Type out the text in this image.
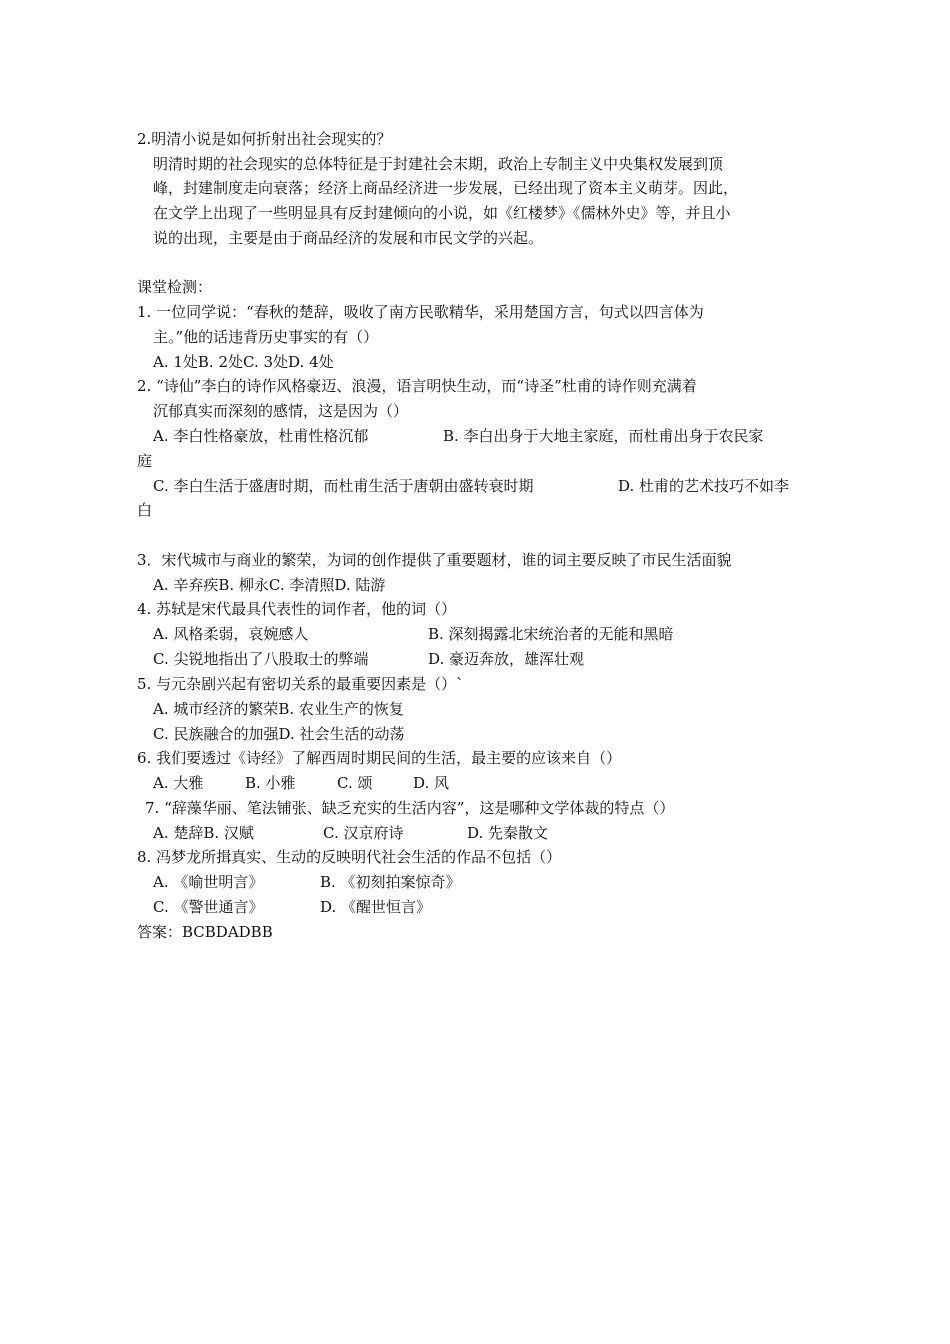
2.明清小说是如何折射出社会现实的？
明清时期的社会现实的总体特征是于封建社会末期，政治上专制主义中央集权发展到顶
峰，封建制度走向衰落；经济上商品经济进一步发展，已经出现了资本主义萌芽。因此，
在文学上出现了一些明显具有反封建倾向的小说，如《红楼梦》《儒林外史》等，并且小
说的出现，主要是由于商品经济的发展和市民文学的兴起。
课堂检测：
1. 一位同学说：“春秋的楚辞，吸收了南方民歌精华，采用楚国方言，句式以四言体为
主。”他的话违背历史事实的有（）
A. 1处B. 2处C. 3处D. 4处
2. “诗仙”李白的诗作风格豪迈、浪漫，语言明快生动，而“诗圣”杜甫的诗作则充满着
沉郁真实而深刻的感情，这是因为（）
A. 李白性格豪放，杜甫性格沉郁	B. 李白出身于大地主家庭，而杜甫出身于农民家
庭
C. 李白生活于盛唐时期，而杜甫生活于唐朝由盛转衰时期	D. 杜甫的艺术技巧不如李
白
3．宋代城市与商业的繁荣，为词的创作提供了重要题材，谁的词主要反映了市民生活面貌
A. 辛弃疾B. 柳永C. 李清照D. 陆游
4. 苏轼是宋代最具代表性的词作者，他的词（）
A. 风格柔弱，哀婉感人	B. 深刻揭露北宋统治者的无能和黑暗
C. 尖锐地指出了八股取士的弊端	D. 豪迈奔放，雄浑壮观
5. 与元杂剧兴起有密切关系的最重要因素是（）`
A. 城市经济的繁荣B. 农业生产的恢复
C. 民族融合的加强D. 社会生活的动荡
6. 我们要透过《诗经》了解西周时期民间的生活，最主要的应该来自（）
A. 大雅	B. 小雅	C. 颂	D. 风
7. “辞藻华丽、笔法铺张、缺乏充实的生活内容”，这是哪种文学体裁的特点（）
A. 楚辞B. 汉赋	C. 汉京府诗	D. 先秦散文
8. 冯梦龙所揖真实、生动的反映明代社会生活的作品不包括（）
A. 《喻世明言》	B. 《初刻拍案惊奇》
C. 《警世通言》	D. 《醒世恒言》
答案：BCBDADBB
